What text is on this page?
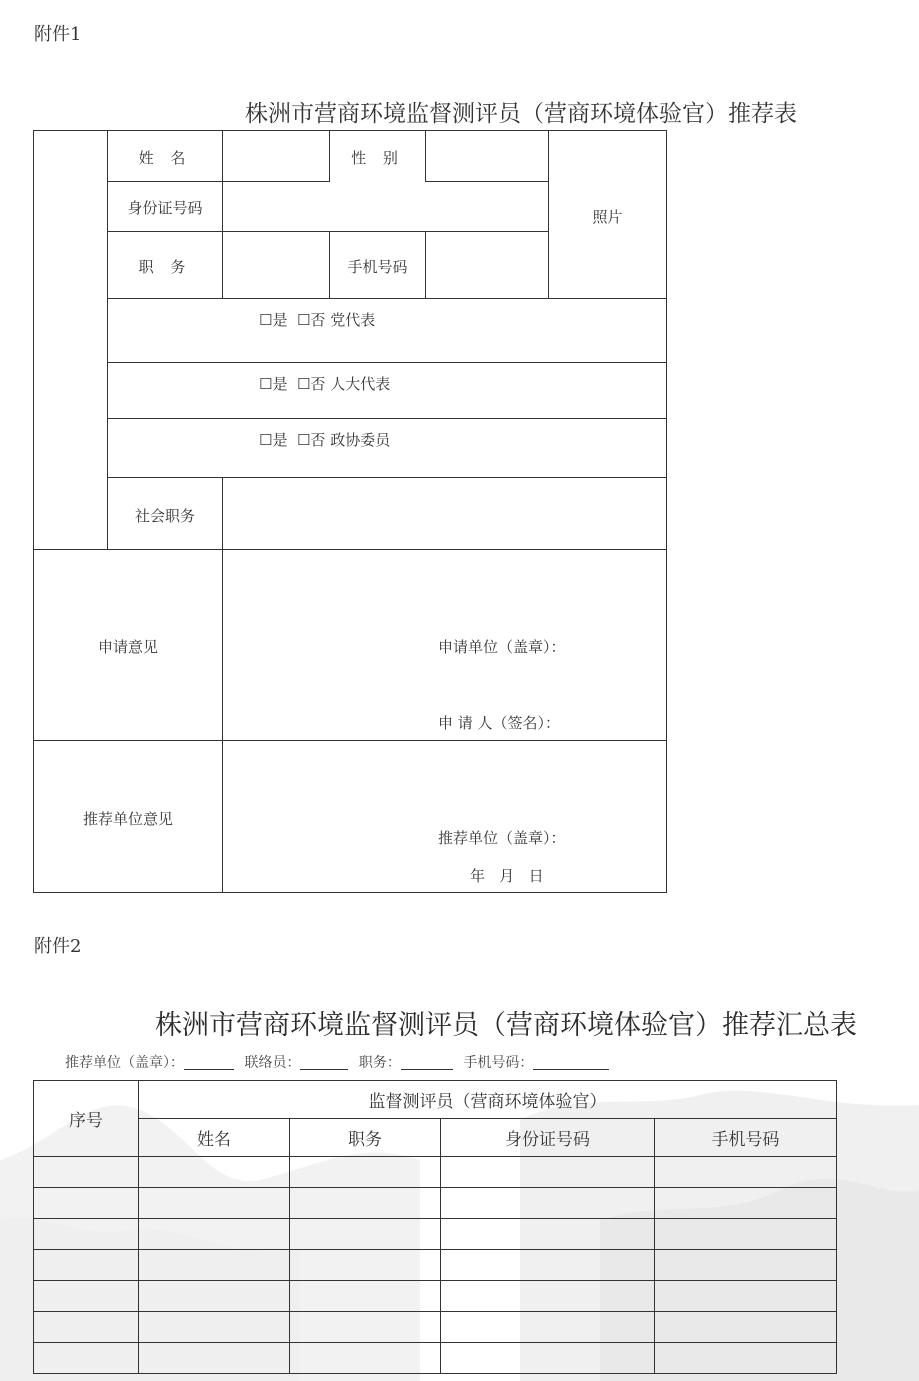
附件1
株洲市营商环境监督测评员（营商环境体验官）推荐表
姓 名	性 别
身份证号码	照片
职 务	手机号码
☐是  ☐否 党代表
☐是  ☐否 人大代表
☐是  ☐否 政协委员
社会职务
申请意见	申请单位（盖章）：
申 请 人（签名）：
推荐单位意见
推荐单位（盖章）：
年   月   日
附件2
株洲市营商环境监督测评员（营商环境体验官）推荐汇总表
推荐单位（盖章）：	联络员：	职务：	手机号码：
序号	监督测评员（营商环境体验官）			
	姓名	职务	身份证号码	手机号码
